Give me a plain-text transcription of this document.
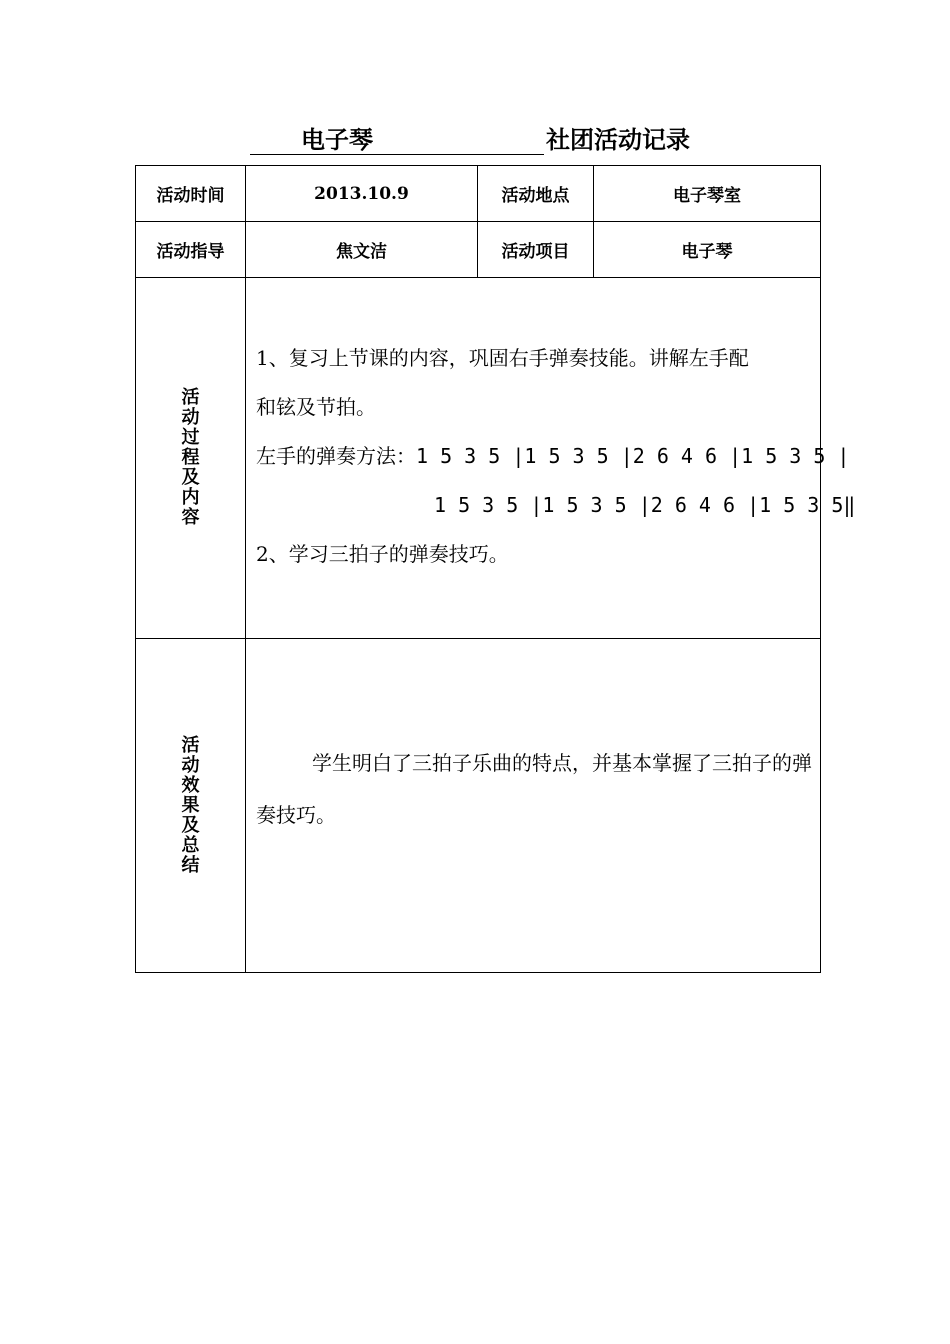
电子琴	社团活动记录
活动时间	2013.10.9	活动地点	电子琴室
活动指导	焦文洁	活动项目	电子琴
活动过程及内容	1、复习上节课的内容，巩固右手弹奏技能。讲解左手配

和铉及节拍。

左手的弹奏方法：1 5 3 5 |1 5 3 5 |2 6 4 6 |1 5 3 5 |

1 5 3 5 |1 5 3 5 |2 6 4 6 |1 5 3 5‖

2、学习三拍子的弹奏技巧。		

活动效果及总结	学生明白了三拍子乐曲的特点，并基本掌握了三拍子的弹奏技巧。		
